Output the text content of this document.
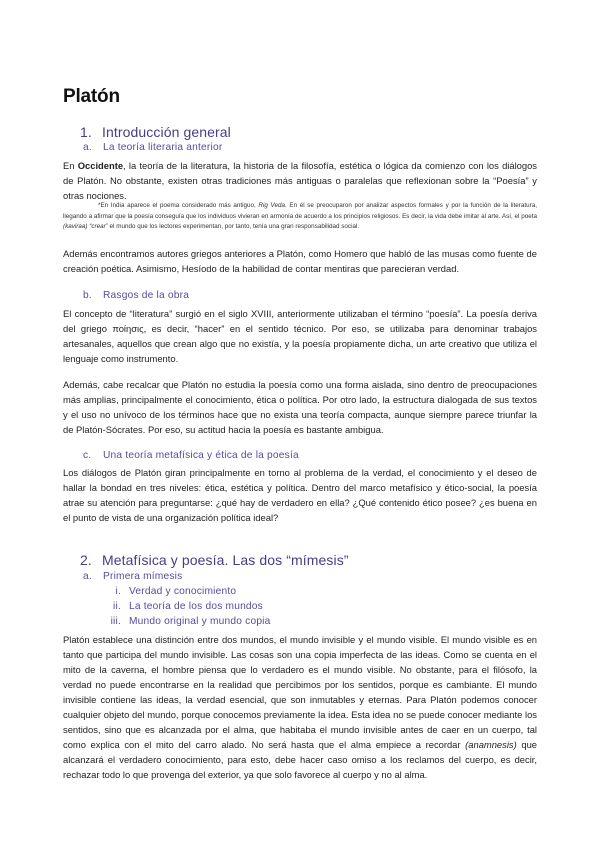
Platón
1. Introducción general

a. La teoría literaria anterior

En Occidente, la teoría de la literatura, la historia de la filosofía, estética o lógica da comienzo con los diálogos de Platón. No obstante, existen otras tradiciones más antiguas o paralelas que reflexionan sobre la “Poesía” y otras nociones.

*En India aparece el poema considerado más antiguo, Rig Veda. En él se preocuparon por analizar aspectos formales y por la función de la literatura, llegando a afirmar que la poesía conseguía que los individuos vivieran en armonía de acuerdo a los principios religiosos. Es decir, la vida debe imitar al arte. Así, el poeta (kaviraa) “crear” el mundo que los lectores experimentan, por tanto, tenía una gran responsabilidad social.

Además encontramos autores griegos anteriores a Platón, como Homero que habló de las musas como fuente de creación poética. Asimismo, Hesíodo de la habilidad de contar mentiras que parecieran verdad.

b. Rasgos de la obra

El concepto de “literatura” surgió en el siglo XVIII, anteriormente utilizaban el término “poesía”. La poesía deriva del griego ποίησις, es decir, “hacer” en el sentido técnico. Por eso, se utilizaba para denominar trabajos artesanales, aquellos que crean algo que no existía, y la poesía propiamente dicha, un arte creativo que utiliza el lenguaje como instrumento.

Además, cabe recalcar que Platón no estudia la poesía como una forma aislada, sino dentro de preocupaciones más amplias, principalmente el conocimiento, ética o política. Por otro lado, la estructura dialogada de sus textos y el uso no unívoco de los términos hace que no exista una teoría compacta, aunque siempre parece triunfar la de Platón-Sócrates. Por eso, su actitud hacia la poesía es bastante ambigua.

c. Una teoría metafísica y ética de la poesía

Los diálogos de Platón giran principalmente en torno al problema de la verdad, el conocimiento y el deseo de hallar la bondad en tres niveles: ética, estética y política. Dentro del marco metafísico y ético-social, la poesía atrae su atención para preguntarse: ¿qué hay de verdadero en ella? ¿Qué contenido ético posee? ¿es buena en el punto de vista de una organización política ideal?

2. Metafísica y poesía. Las dos “mímesis”

a. Primera mímesis

i. Verdad y conocimiento

ii. La teoría de los dos mundos

iii. Mundo original y mundo copia

Platón establece una distinción entre dos mundos, el mundo invisible y el mundo visible. El mundo visible es en tanto que participa del mundo invisible. Las cosas son una copia imperfecta de las ideas. Como se cuenta en el mito de la caverna, el hombre piensa que lo verdadero es el mundo visible. No obstante, para el filósofo, la verdad no puede encontrarse en la realidad que percibimos por los sentidos, porque es cambiante. El mundo invisible contiene las ideas, la verdad esencial, que son inmutables y eternas. Para Platón podemos conocer cualquier objeto del mundo, porque conocemos previamente la idea. Esta idea no se puede conocer mediante los sentidos, sino que es alcanzada por el alma, que habitaba el mundo invisible antes de caer en un cuerpo, tal como explica con el mito del carro alado. No será hasta que el alma empiece a recordar (anamnesis) que alcanzará el verdadero conocimiento, para esto, debe hacer caso omiso a los reclamos del cuerpo, es decir, rechazar todo lo que provenga del exterior, ya que solo favorece al cuerpo y no al alma.
